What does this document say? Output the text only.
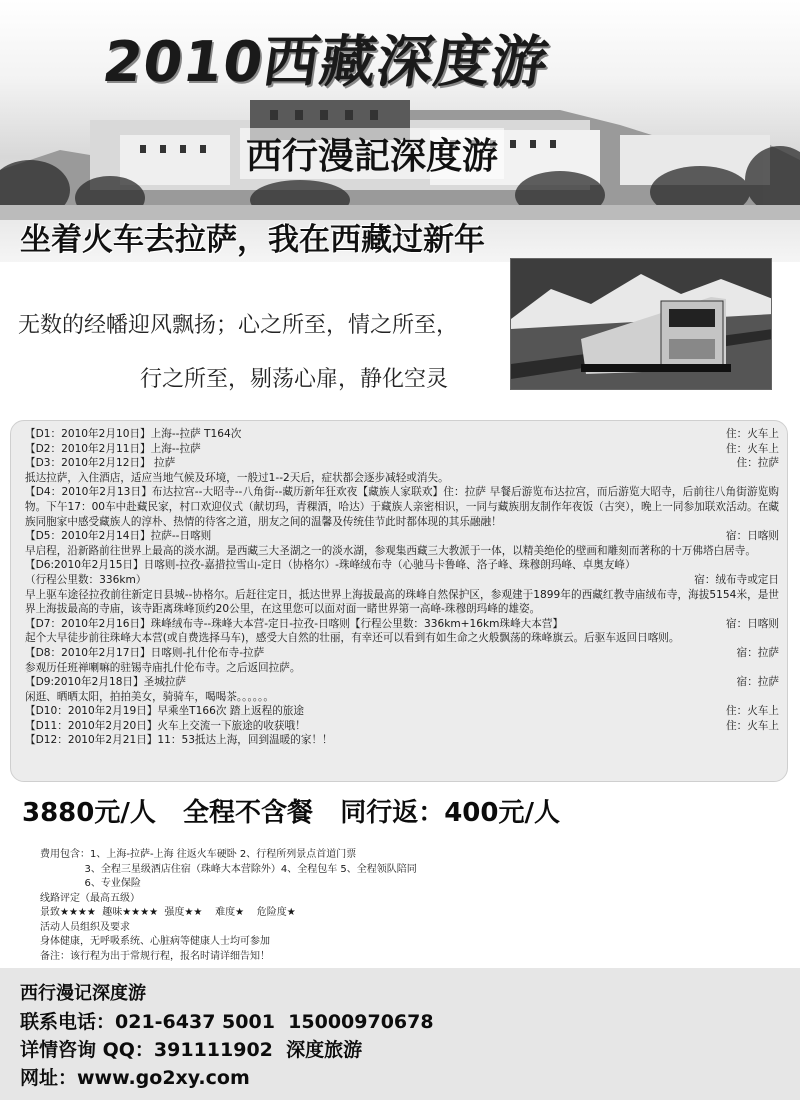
2010西藏深度游
西行漫記深度游
坐着火车去拉萨，我在西藏过新年
无数的经幡迎风飘扬；心之所至，情之所至，
行之所至，剔荡心扉，静化空灵
【D1：2010年2月10日】上海--拉萨 T164次	住：火车上
【D2：2010年2月11日】上海--拉萨	住：火车上
【D3：2010年2月12日】 拉萨	住：拉萨
抵达拉萨，入住酒店，适应当地气候及环境，一般过1--2天后，症状都会逐步减轻或消失。
【D4：2010年2月13日】布达拉宫--大昭寺--八角街--藏历新年狂欢夜【藏族人家联欢】住：拉萨 早餐后游览布达拉宫，而后游览大昭寺，后前往八角街游览购物。下午17：00车中赴藏民家，村口欢迎仪式（献切玛，青稞酒，哈达）于藏族人亲密相识，一同与藏族朋友制作年夜饭（古突），晚上一同参加联欢活动。在藏族同胞家中感受藏族人的淳朴、热情的待客之道，朋友之间的温馨及传统佳节此时都体现的其乐融融！
【D5：2010年2月14日】拉萨--日喀则	宿：日喀则
早启程，沿新路前往世界上最高的淡水湖。是西藏三大圣湖之一的淡水湖，参观集西藏三大教派于一体，以精美绝伦的壁画和雕刻而著称的十万佛塔白居寺。
【D6:2010年2月15日】日喀则-拉孜-嘉措拉雪山-定日（协格尔）-珠峰绒布寺（心驰马卡鲁峰、洛子峰、珠穆朗玛峰、卓奥友峰）
（行程公里数：336km）	宿：绒布寺或定日
早上驱车途径拉孜前往新定日县城--协格尔。后赶往定日，抵达世界上海拔最高的珠峰自然保护区，参观建于1899年的西藏红教寺庙绒布寺，海拔5154米，是世界上海拔最高的寺庙，该寺距离珠峰顶约20公里，在这里您可以面对面一睹世界第一高峰-珠穆朗玛峰的雄姿。
【D7：2010年2月16日】珠峰绒布寺--珠峰大本营-定日-拉孜-日喀则【行程公里数：336km+16km珠峰大本营】	宿：日喀则
起个大早徒步前往珠峰大本营(或自费选择马车)，感受大自然的壮丽，有幸还可以看到有如生命之火般飘荡的珠峰旗云。后驱车返回日喀则。
【D8：2010年2月17日】日喀则-扎什伦布寺-拉萨	宿：拉萨
参观历任班禅喇嘛的驻锡寺庙扎什伦布寺。之后返回拉萨。
【D9:2010年2月18日】圣城拉萨	宿：拉萨
闲逛、晒晒太阳，拍拍美女，骑骑车，喝喝茶。。。。。。
【D10：2010年2月19日】早乘坐T166次 踏上返程的旅途	住：火车上
【D11：2010年2月20日】火车上交流一下旅途的收获哦！	住：火车上
【D12：2010年2月21日】11：53抵达上海，回到温暖的家！！
3880元/人 全程不含餐 同行返：400元/人
费用包含：1、上海-拉萨-上海 往返火车硬卧 2、行程所列景点首道门票
3、全程三星级酒店住宿（珠峰大本营除外）4、全程包车 5、全程领队陪同
6、专业保险
线路评定（最高五级）
景致★★★★  趣味★★★★  强度★★    难度★    危险度★
活动人员组织及要求
身体健康，无呼吸系统、心脏病等健康人士均可参加
备注：该行程为出于常规行程，报名时请详细告知！
西行漫记深度游
联系电话：021-6437 5001  15000970678
详情咨询 QQ：391111902  深度旅游
网址：www.go2xy.com
